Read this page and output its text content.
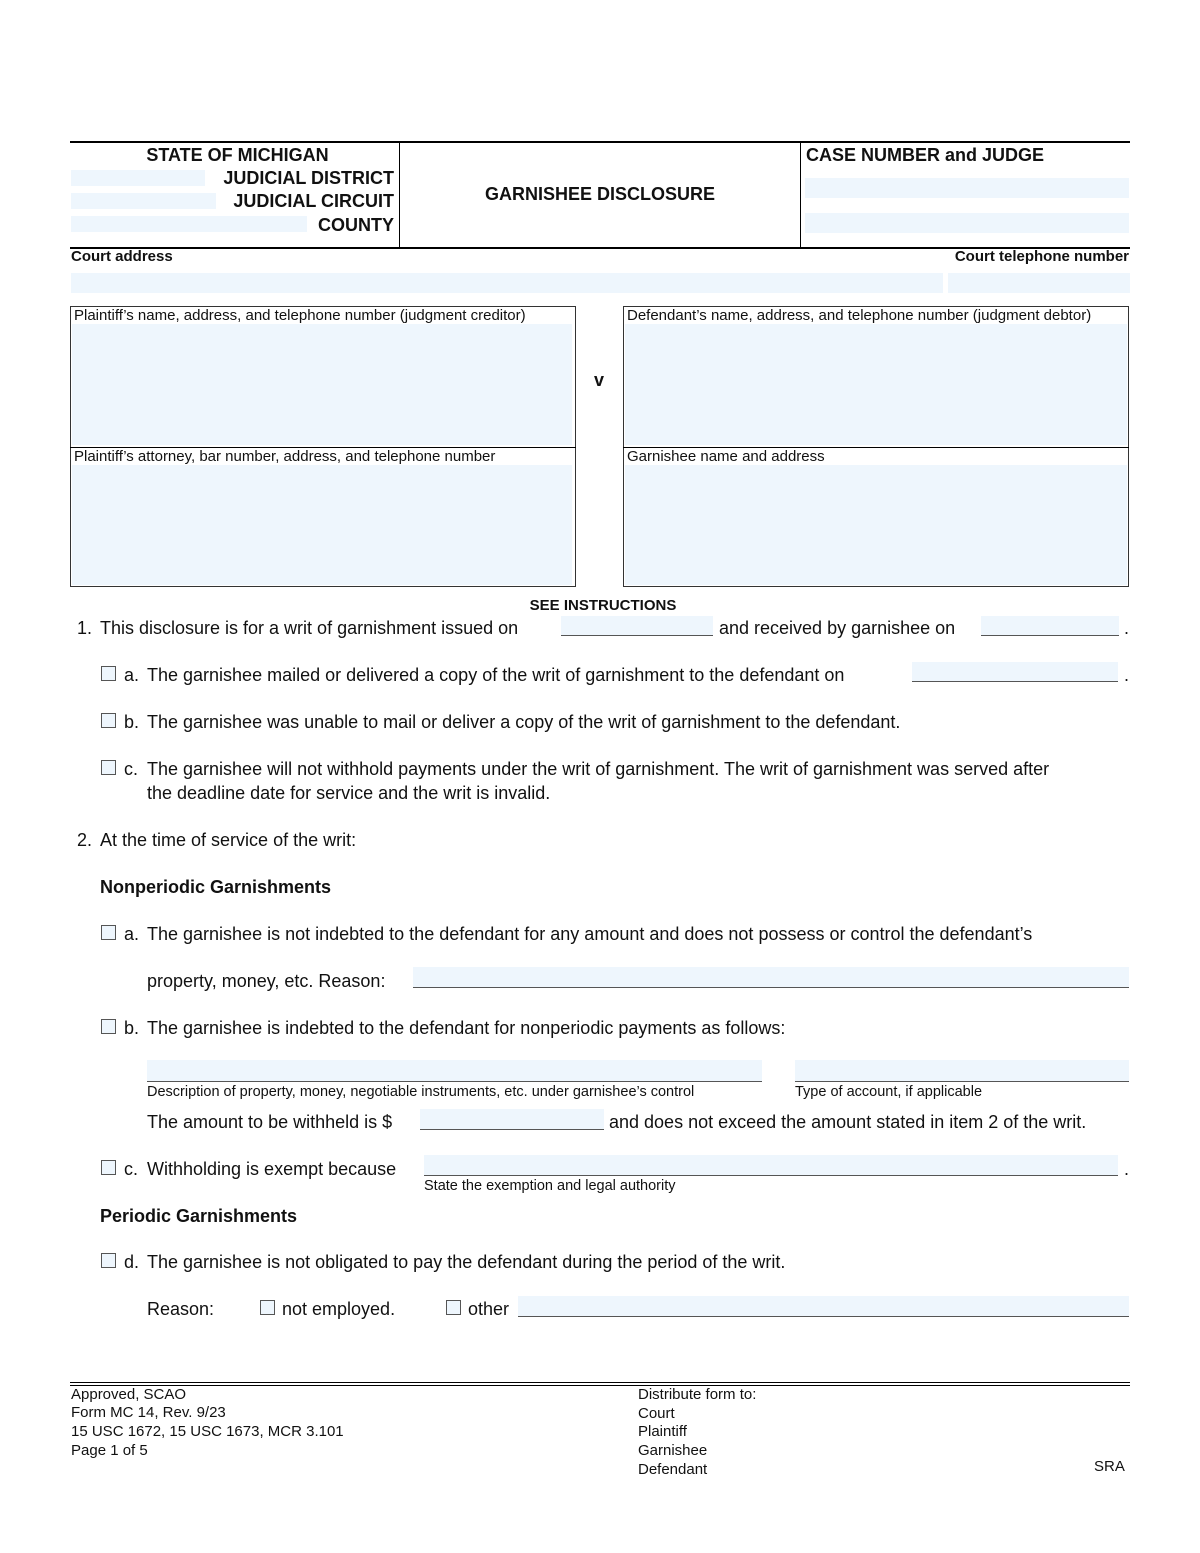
STATE OF MICHIGAN
JUDICIAL DISTRICT
JUDICIAL CIRCUIT
COUNTY
GARNISHEE DISCLOSURE
CASE NUMBER and JUDGE
Court address	Court telephone number
Plaintiff’s name, address, and telephone number (judgment creditor)
Plaintiff’s attorney, bar number, address, and telephone number
v
Defendant’s name, address, and telephone number (judgment debtor)
Garnishee name and address
SEE INSTRUCTIONS
1. This disclosure is for a writ of garnishment issued on	and received by garnishee on	.
a. The garnishee mailed or delivered a copy of the writ of garnishment to the defendant on	.
b. The garnishee was unable to mail or deliver a copy of the writ of garnishment to the defendant.
c. The garnishee will not withhold payments under the writ of garnishment. The writ of garnishment was served after
the deadline date for service and the writ is invalid.
2. At the time of service of the writ:
Nonperiodic Garnishments
a. The garnishee is not indebted to the defendant for any amount and does not possess or control the defendant’s
property, money, etc. Reason:
b. The garnishee is indebted to the defendant for nonperiodic payments as follows:
Description of property, money, negotiable instruments, etc. under garnishee’s control	Type of account, if applicable
The amount to be withheld is $	and does not exceed the amount stated in item 2 of the writ.
c. Withholding is exempt because	.
State the exemption and legal authority
Periodic Garnishments
d. The garnishee is not obligated to pay the defendant during the period of the writ.
Reason:	not employed.	other
Approved, SCAO
Form MC 14, Rev. 9/23
15 USC 1672, 15 USC 1673, MCR 3.101
Page 1 of 5
Distribute form to:
Court
Plaintiff
Garnishee
Defendant	SRA
